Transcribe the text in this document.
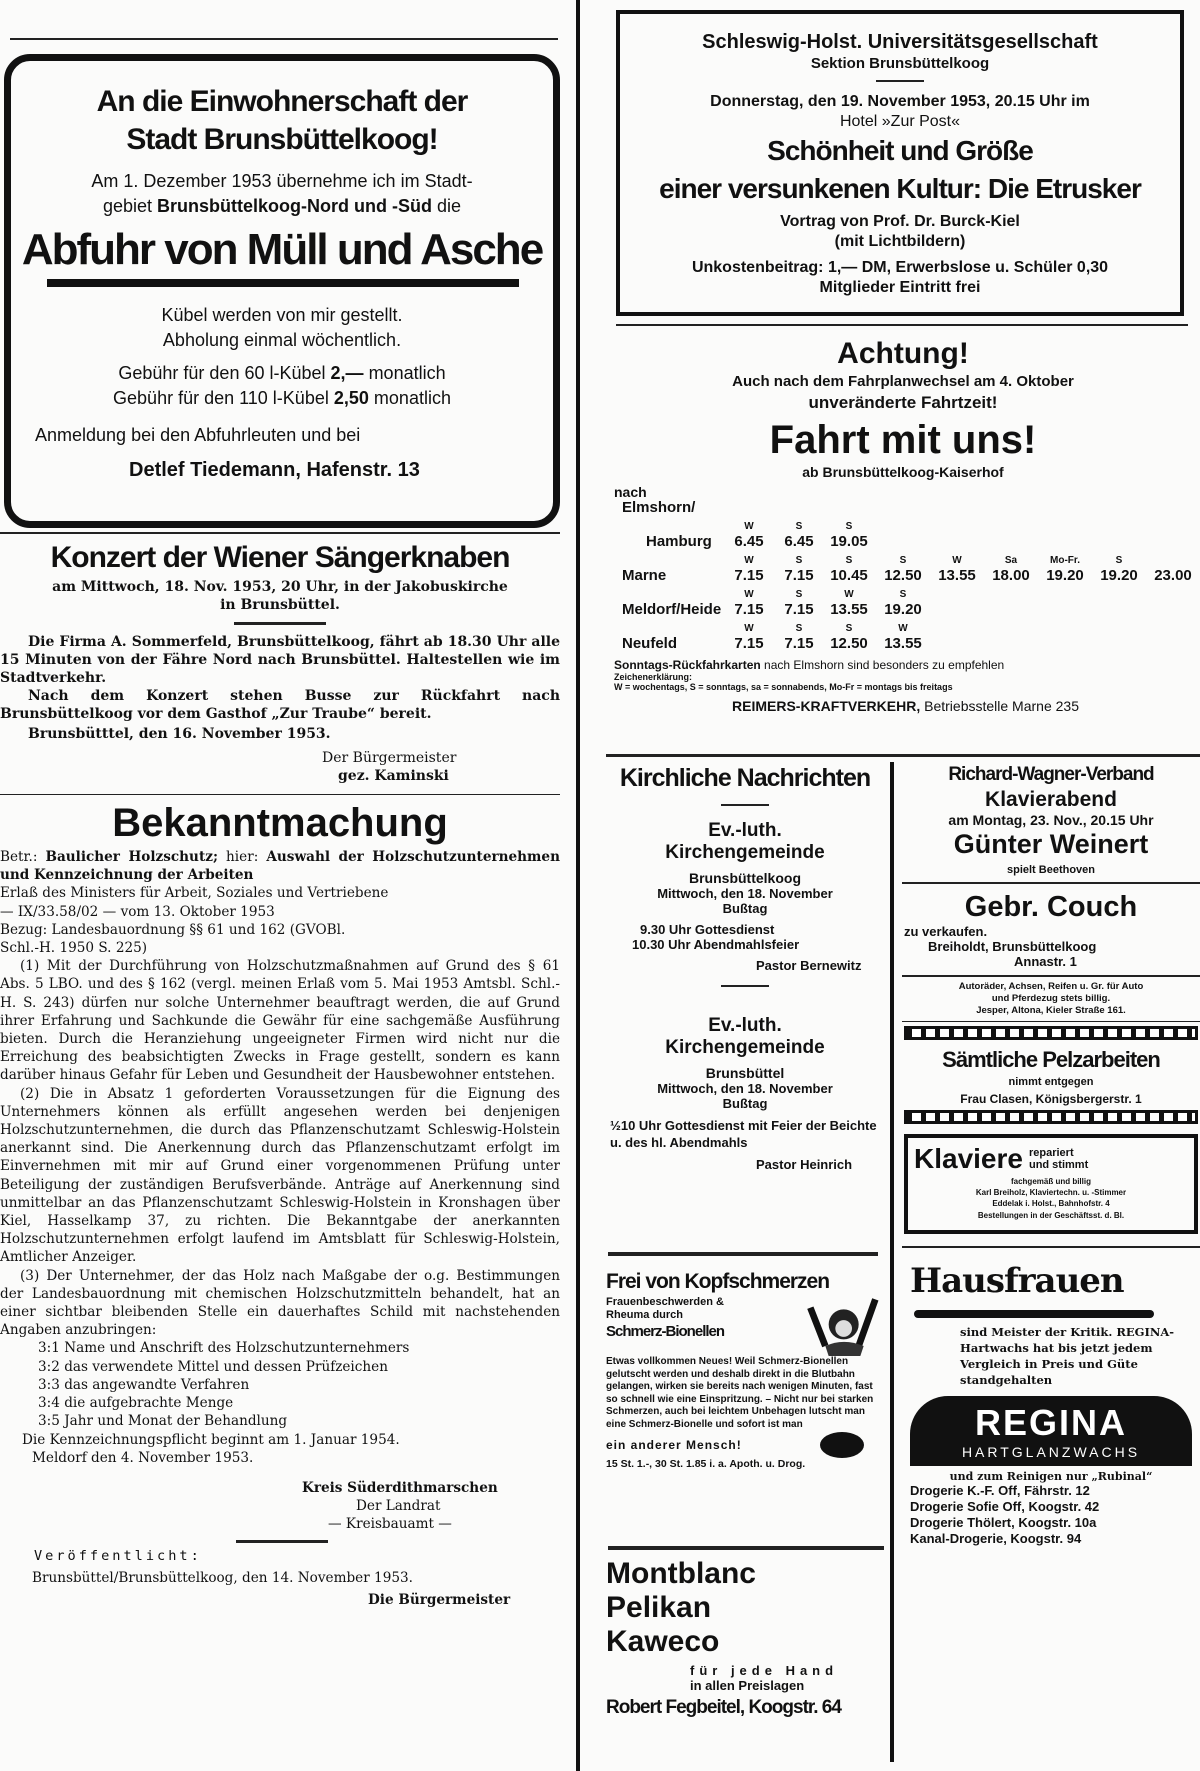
An die Einwohnerschaft der
Stadt Brunsbüttelkoog!
Am 1. Dezember 1953 übernehme ich im Stadt-
gebiet Brunsbüttelkoog-Nord und -Süd die
Abfuhr von Müll und Asche
Kübel werden von mir gestellt.
Abholung einmal wöchentlich.
Gebühr für den 60 l-Kübel 2,— monatlich
Gebühr für den 110 l-Kübel 2,50 monatlich
Anmeldung bei den Abfuhrleuten und bei
Detlef Tiedemann, Hafenstr. 13
Konzert der Wiener Sängerknaben
am Mittwoch, 18. Nov. 1953, 20 Uhr, in der Jakobuskirche
in Brunsbüttel.
Die Firma A. Sommerfeld, Brunsbüttelkoog, fährt ab 18.30 Uhr alle 15 Minuten von der Fähre Nord nach Brunsbüttel. Haltestellen wie im Stadtverkehr.
Nach dem Konzert stehen Busse zur Rückfahrt nach Brunsbüttelkoog vor dem Gasthof „Zur Traube“ bereit.
Brunsbütttel, den 16. November 1953.
Der Bürgermeister
gez. Kaminski
Bekanntmachung
Betr.: Baulicher Holzschutz; hier: Auswahl der Holzschutzunternehmen und Kennzeichnung der Arbeiten
Erlaß des Ministers für Arbeit, Soziales und Vertriebene
— IX/33.58/02 — vom 13. Oktober 1953
Bezug: Landesbauordnung §§ 61 und 162 (GVOBl.
Schl.-H. 1950 S. 225)
(1) Mit der Durchführung von Holzschutzmaßnahmen auf Grund des § 61 Abs. 5 LBO. und des § 162 (vergl. meinen Erlaß vom 5. Mai 1953 Amtsbl. Schl.-H. S. 243) dürfen nur solche Unternehmer beauftragt werden, die auf Grund ihrer Erfahrung und Sachkunde die Gewähr für eine sachgemäße Ausführung bieten. Durch die Heranziehung ungeeigneter Firmen wird nicht nur die Erreichung des beabsichtigten Zwecks in Frage gestellt, sondern es kann darüber hinaus Gefahr für Leben und Gesundheit der Hausbewohner entstehen.
(2) Die in Absatz 1 geforderten Voraussetzungen für die Eignung des Unternehmers können als erfüllt angesehen werden bei denjenigen Holzschutzunternehmen, die durch das Pflanzenschutzamt Schleswig-Holstein anerkannt sind. Die Anerkennung durch das Pflanzenschutzamt erfolgt im Einvernehmen mit mir auf Grund einer vorgenommenen Prüfung unter Beteiligung der zuständigen Berufsverbände. Anträge auf Anerkennung sind unmittelbar an das Pflanzenschutzamt Schleswig-Holstein in Kronshagen über Kiel, Hasselkamp 37, zu richten. Die Bekanntgabe der anerkannten Holzschutzunternehmen erfolgt laufend im Amtsblatt für Schleswig-Holstein, Amtlicher Anzeiger.
(3) Der Unternehmer, der das Holz nach Maßgabe der o.g. Bestimmungen der Landesbauordnung mit chemischen Holzschutzmitteln behandelt, hat an einer sichtbar bleibenden Stelle ein dauerhaftes Schild mit nachstehenden Angaben anzubringen:
3:1 Name und Anschrift des Holzschutzunternehmers
3:2 das verwendete Mittel und dessen Prüfzeichen
3:3 das angewandte Verfahren
3:4 die aufgebrachte Menge
3:5 Jahr und Monat der Behandlung
Die Kennzeichnungspflicht beginnt am 1. Januar 1954.
Meldorf den 4. November 1953.
Kreis Süderdithmarschen
Der Landrat
— Kreisbauamt —
Veröffentlicht:
Brunsbüttel/Brunsbüttelkoog, den 14. November 1953.
Die Bürgermeister
Schleswig-Holst. Universitätsgesellschaft
Sektion Brunsbüttelkoog
Donnerstag, den 19. November 1953, 20.15 Uhr im
Hotel »Zur Post«
Schönheit und Größe
einer versunkenen Kultur: Die Etrusker
Vortrag von Prof. Dr. Burck-Kiel
(mit Lichtbildern)
Unkostenbeitrag: 1,— DM, Erwerbslose u. Schüler 0,30
Mitglieder Eintritt frei
Achtung!
Auch nach dem Fahrplanwechsel am 4. Oktober
unveränderte Fahrtzeit!
Fahrt mit uns!
ab Brunsbüttelkoog-Kaiserhof
nach
Elmshorn/
Hamburg
W
6.45
S
6.45
S
19.05
Marne
W
7.15
S
7.15
S
10.45
S
12.50
W
13.55
Sa
18.00
Mo-Fr.
19.20
S
19.20	23.00
Meldorf/Heide
W
7.15
S
7.15
W
13.55
S
19.20
Neufeld
W
7.15
S
7.15
S
12.50
W
13.55
Sonntags-Rückfahrkarten nach Elmshorn sind besonders zu empfehlen
Zeichenerklärung:
W = wochentags, S = sonntags, sa = sonnabends, Mo-Fr = montags bis freitags
REIMERS-KRAFTVERKEHR, Betriebsstelle Marne 235
Kirchliche Nachrichten
Ev.-luth.
Kirchengemeinde
Brunsbüttelkoog
Mittwoch, den 18. November
Bußtag
9.30 Uhr Gottesdienst
10.30 Uhr Abendmahlsfeier
Pastor Bernewitz
Ev.-luth.
Kirchengemeinde
Brunsbüttel
Mittwoch, den 18. November
Bußtag
½10 Uhr Gottesdienst mit Feier der Beichte u. des hl. Abendmahls
Pastor Heinrich
Frei von Kopfschmerzen
Frauenbeschwerden &
Rheuma durch
Schmerz-Bionellen
Etwas vollkommen Neues! Weil Schmerz-Bionellen gelutscht werden und deshalb direkt in die Blutbahn gelangen, wirken sie bereits nach wenigen Minuten, fast so schnell wie eine Einspritzung. – Nicht nur bei starken Schmerzen, auch bei leichtem Unbehagen lutscht man eine Schmerz-Bionelle und sofort ist man
ein anderer Mensch!
15 St. 1.-, 30 St. 1.85 i. a. Apoth. u. Drog.
Montblanc
Pelikan
Kaweco
für jede Hand
in allen Preislagen
Robert Fegbeitel, Koogstr. 64
Richard-Wagner-Verband
Klavierabend
am Montag, 23. Nov., 20.15 Uhr
Günter Weinert
spielt Beethoven
Gebr. Couch
zu verkaufen.
Breiholdt, Brunsbüttelkoog
Annastr. 1
Autoräder, Achsen, Reifen u. Gr. für Auto
und Pferdezug stets billig.
Jesper, Altona, Kieler Straße 161.
Sämtliche Pelzarbeiten
nimmt entgegen
Frau Clasen, Königsbergerstr. 1
Klaviere repariert
und stimmt
fachgemäß und billig
Karl Breiholz, Klaviertechn. u. -Stimmer
Eddelak i. Holst., Bahnhofstr. 4
Bestellungen in der Geschäftsst. d. Bl.
Hausfrauen
sind Meister der Kritik. REGINA-Hartwachs hat bis jetzt jedem Vergleich in Preis und Güte standgehalten
REGINA
HARTGLANZWACHS
und zum Reinigen nur „Rubinal“
Drogerie K.-F. Off, Fährstr. 12
Drogerie Sofie Off, Koogstr. 42
Drogerie Thölert, Koogstr. 10a
Kanal-Drogerie, Koogstr. 94
